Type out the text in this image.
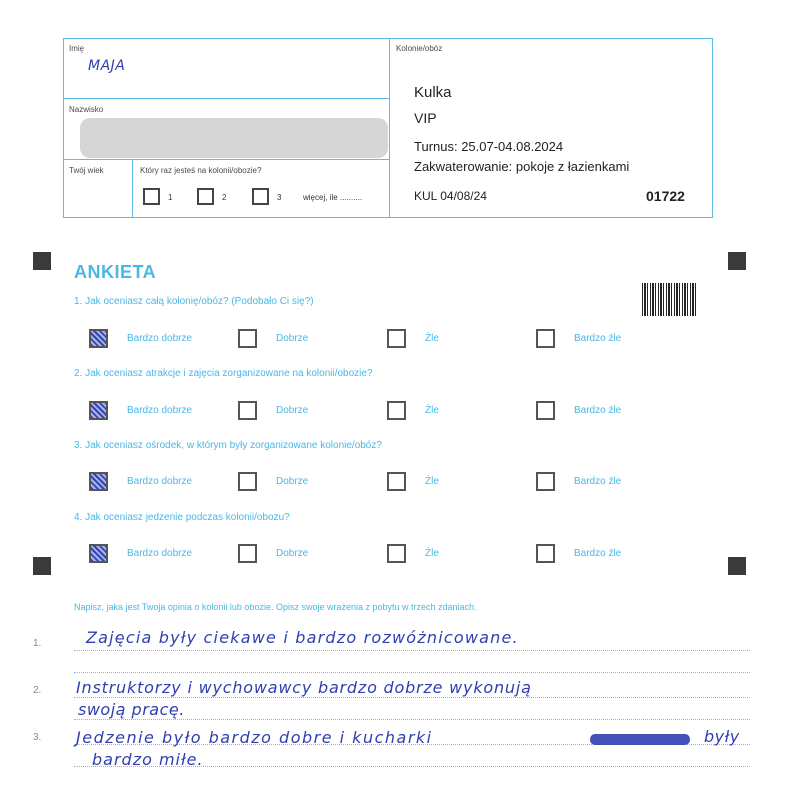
Imię
MAJA
Nazwisko
Twój wiek	Który raz jesteś na kolonii/obozie?
1	2	3	więcej, ile ..........
Kolonie/obóz
Kulka
VIP
Turnus: 25.07-04.08.2024
Zakwaterowanie: pokoje z łazienkami
KUL 04/08/24	01722
ANKIETA
1. Jak oceniasz całą kolonię/obóz? (Podobało Ci się?)
2. Jak oceniasz atrakcje i zajęcia zorganizowane na kolonii/obozie?
3. Jak oceniasz ośrodek, w którym były zorganizowane kolonie/obóz?
4. Jak oceniasz jedzenie podczas kolonii/obozu?
Bardzo dobrze	Dobrze	Źle	Bardzo źle
Bardzo dobrze	Dobrze	Źle	Bardzo źle
Bardzo dobrze	Dobrze	Źle	Bardzo źle
Bardzo dobrze	Dobrze	Źle	Bardzo źle
Napisz, jaka jest Twoja opinia o kolonii lub obozie. Opisz swoje wrażenia z pobytu w trzech zdaniach.
1.
2.
3.
Zajęcia były ciekawe i bardzo rozwóżnicowane.
Instruktorzy i wychowawcy bardzo dobrze wykonują
swoją pracę.
Jedzenie było bardzo dobre i kucharki	były
bardzo miłe.
